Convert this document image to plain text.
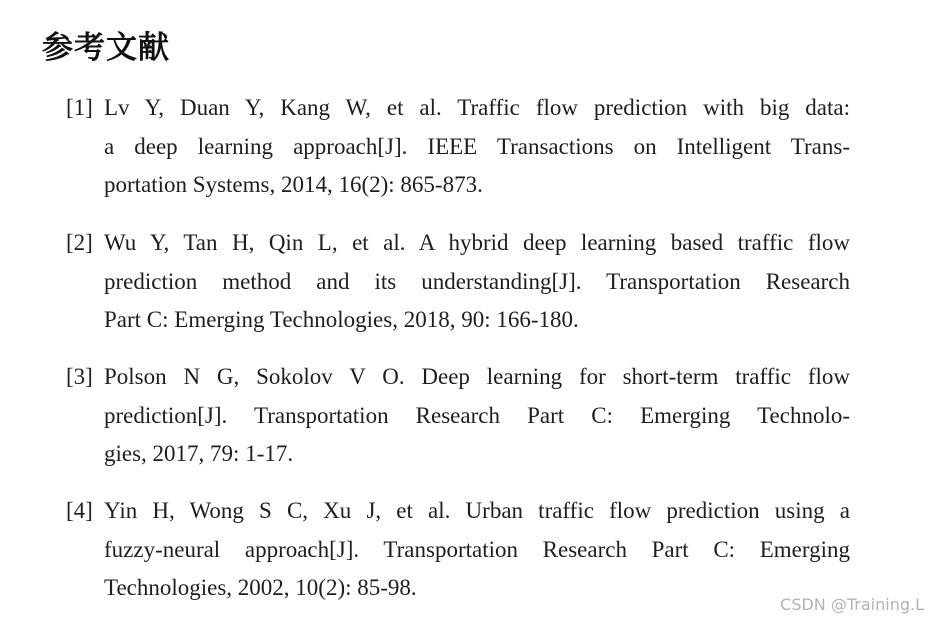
参考文献
[1] Lv Y, Duan Y, Kang W, et al. Traffic flow prediction with big data:
a deep learning approach[J]. IEEE Transactions on Intelligent Trans-
portation Systems, 2014, 16(2): 865-873.
[2] Wu Y, Tan H, Qin L, et al. A hybrid deep learning based traffic flow
prediction method and its understanding[J]. Transportation Research
Part C: Emerging Technologies, 2018, 90: 166-180.
[3] Polson N G, Sokolov V O. Deep learning for short-term traffic flow
prediction[J]. Transportation Research Part C: Emerging Technolo-
gies, 2017, 79: 1-17.
[4] Yin H, Wong S C, Xu J, et al. Urban traffic flow prediction using a
fuzzy-neural approach[J]. Transportation Research Part C: Emerging
Technologies, 2002, 10(2): 85-98.
CSDN @Training.L
